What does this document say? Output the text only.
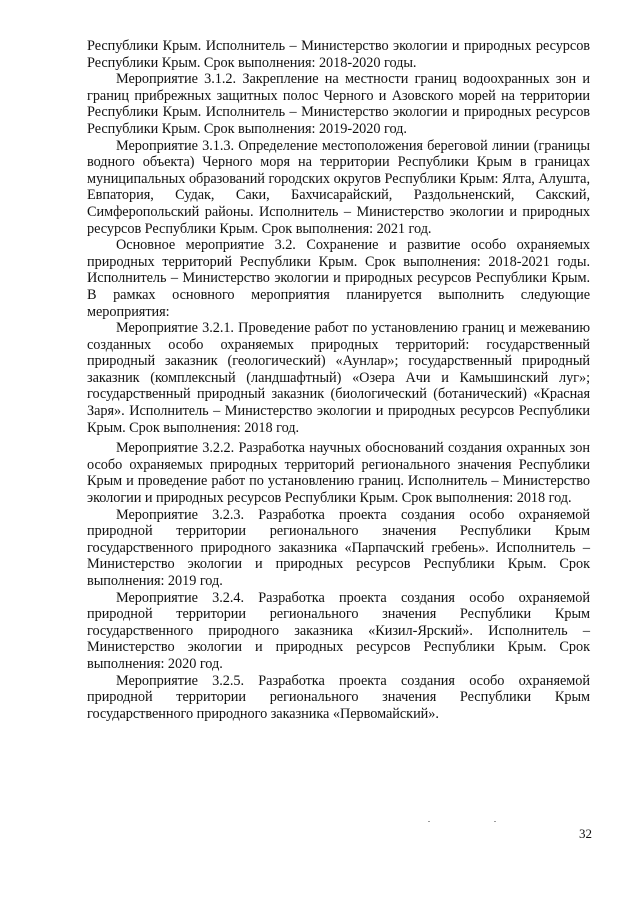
Республики Крым. Исполнитель – Министерство экологии и природных ресурсов Республики Крым. Срок выполнения: 2018-2020 годы.

Мероприятие 3.1.2. Закрепление на местности границ водоохранных зон и границ прибрежных защитных полос Черного и Азовского морей на территории Республики Крым. Исполнитель – Министерство экологии и природных ресурсов Республики Крым. Срок выполнения: 2019-2020 год.

Мероприятие 3.1.3. Определение местоположения береговой линии (границы водного объекта) Черного моря на территории Республики Крым в границах муниципальных образований городских округов Республики Крым: Ялта, Алушта, Евпатория, Судак, Саки, Бахчисарайский, Раздольненский, Сакский, Симферопольский районы. Исполнитель – Министерство экологии и природных ресурсов Республики Крым. Срок выполнения: 2021 год.

Основное мероприятие 3.2. Сохранение и развитие особо охраняемых природных территорий Республики Крым. Срок выполнения: 2018-2021 годы. Исполнитель – Министерство экологии и природных ресурсов Республики Крым. В рамках основного мероприятия планируется выполнить следующие мероприятия:

Мероприятие 3.2.1. Проведение работ по установлению границ и межеванию созданных особо охраняемых природных территорий: государственный природный заказник (геологический) «Аунлар»; государственный природный заказник (комплексный (ландшафтный) «Озера Ачи и Камышинский луг»; государственный природный заказник (биологический (ботанический) «Красная Заря». Исполнитель – Министерство экологии и природных ресурсов Республики Крым. Срок выполнения: 2018 год.

Мероприятие 3.2.2. Разработка научных обоснований создания охранных зон особо охраняемых природных территорий регионального значения Республики Крым и проведение работ по установлению границ. Исполнитель – Министерство экологии и природных ресурсов Республики Крым. Срок выполнения: 2018 год.

Мероприятие 3.2.3. Разработка проекта создания особо охраняемой природной территории регионального значения Республики Крым государственного природного заказника «Парпачский гребень». Исполнитель – Министерство экологии и природных ресурсов Республики Крым. Срок выполнения: 2019 год.

Мероприятие 3.2.4. Разработка проекта создания особо охраняемой природной территории регионального значения Республики Крым государственного природного заказника «Кизил-Ярский». Исполнитель – Министерство экологии и природных ресурсов Республики Крым. Срок выполнения: 2020 год.

Мероприятие 3.2.5. Разработка проекта создания особо охраняемой природной территории регионального значения Республики Крым государственного природного заказника «Первомайский».

32
